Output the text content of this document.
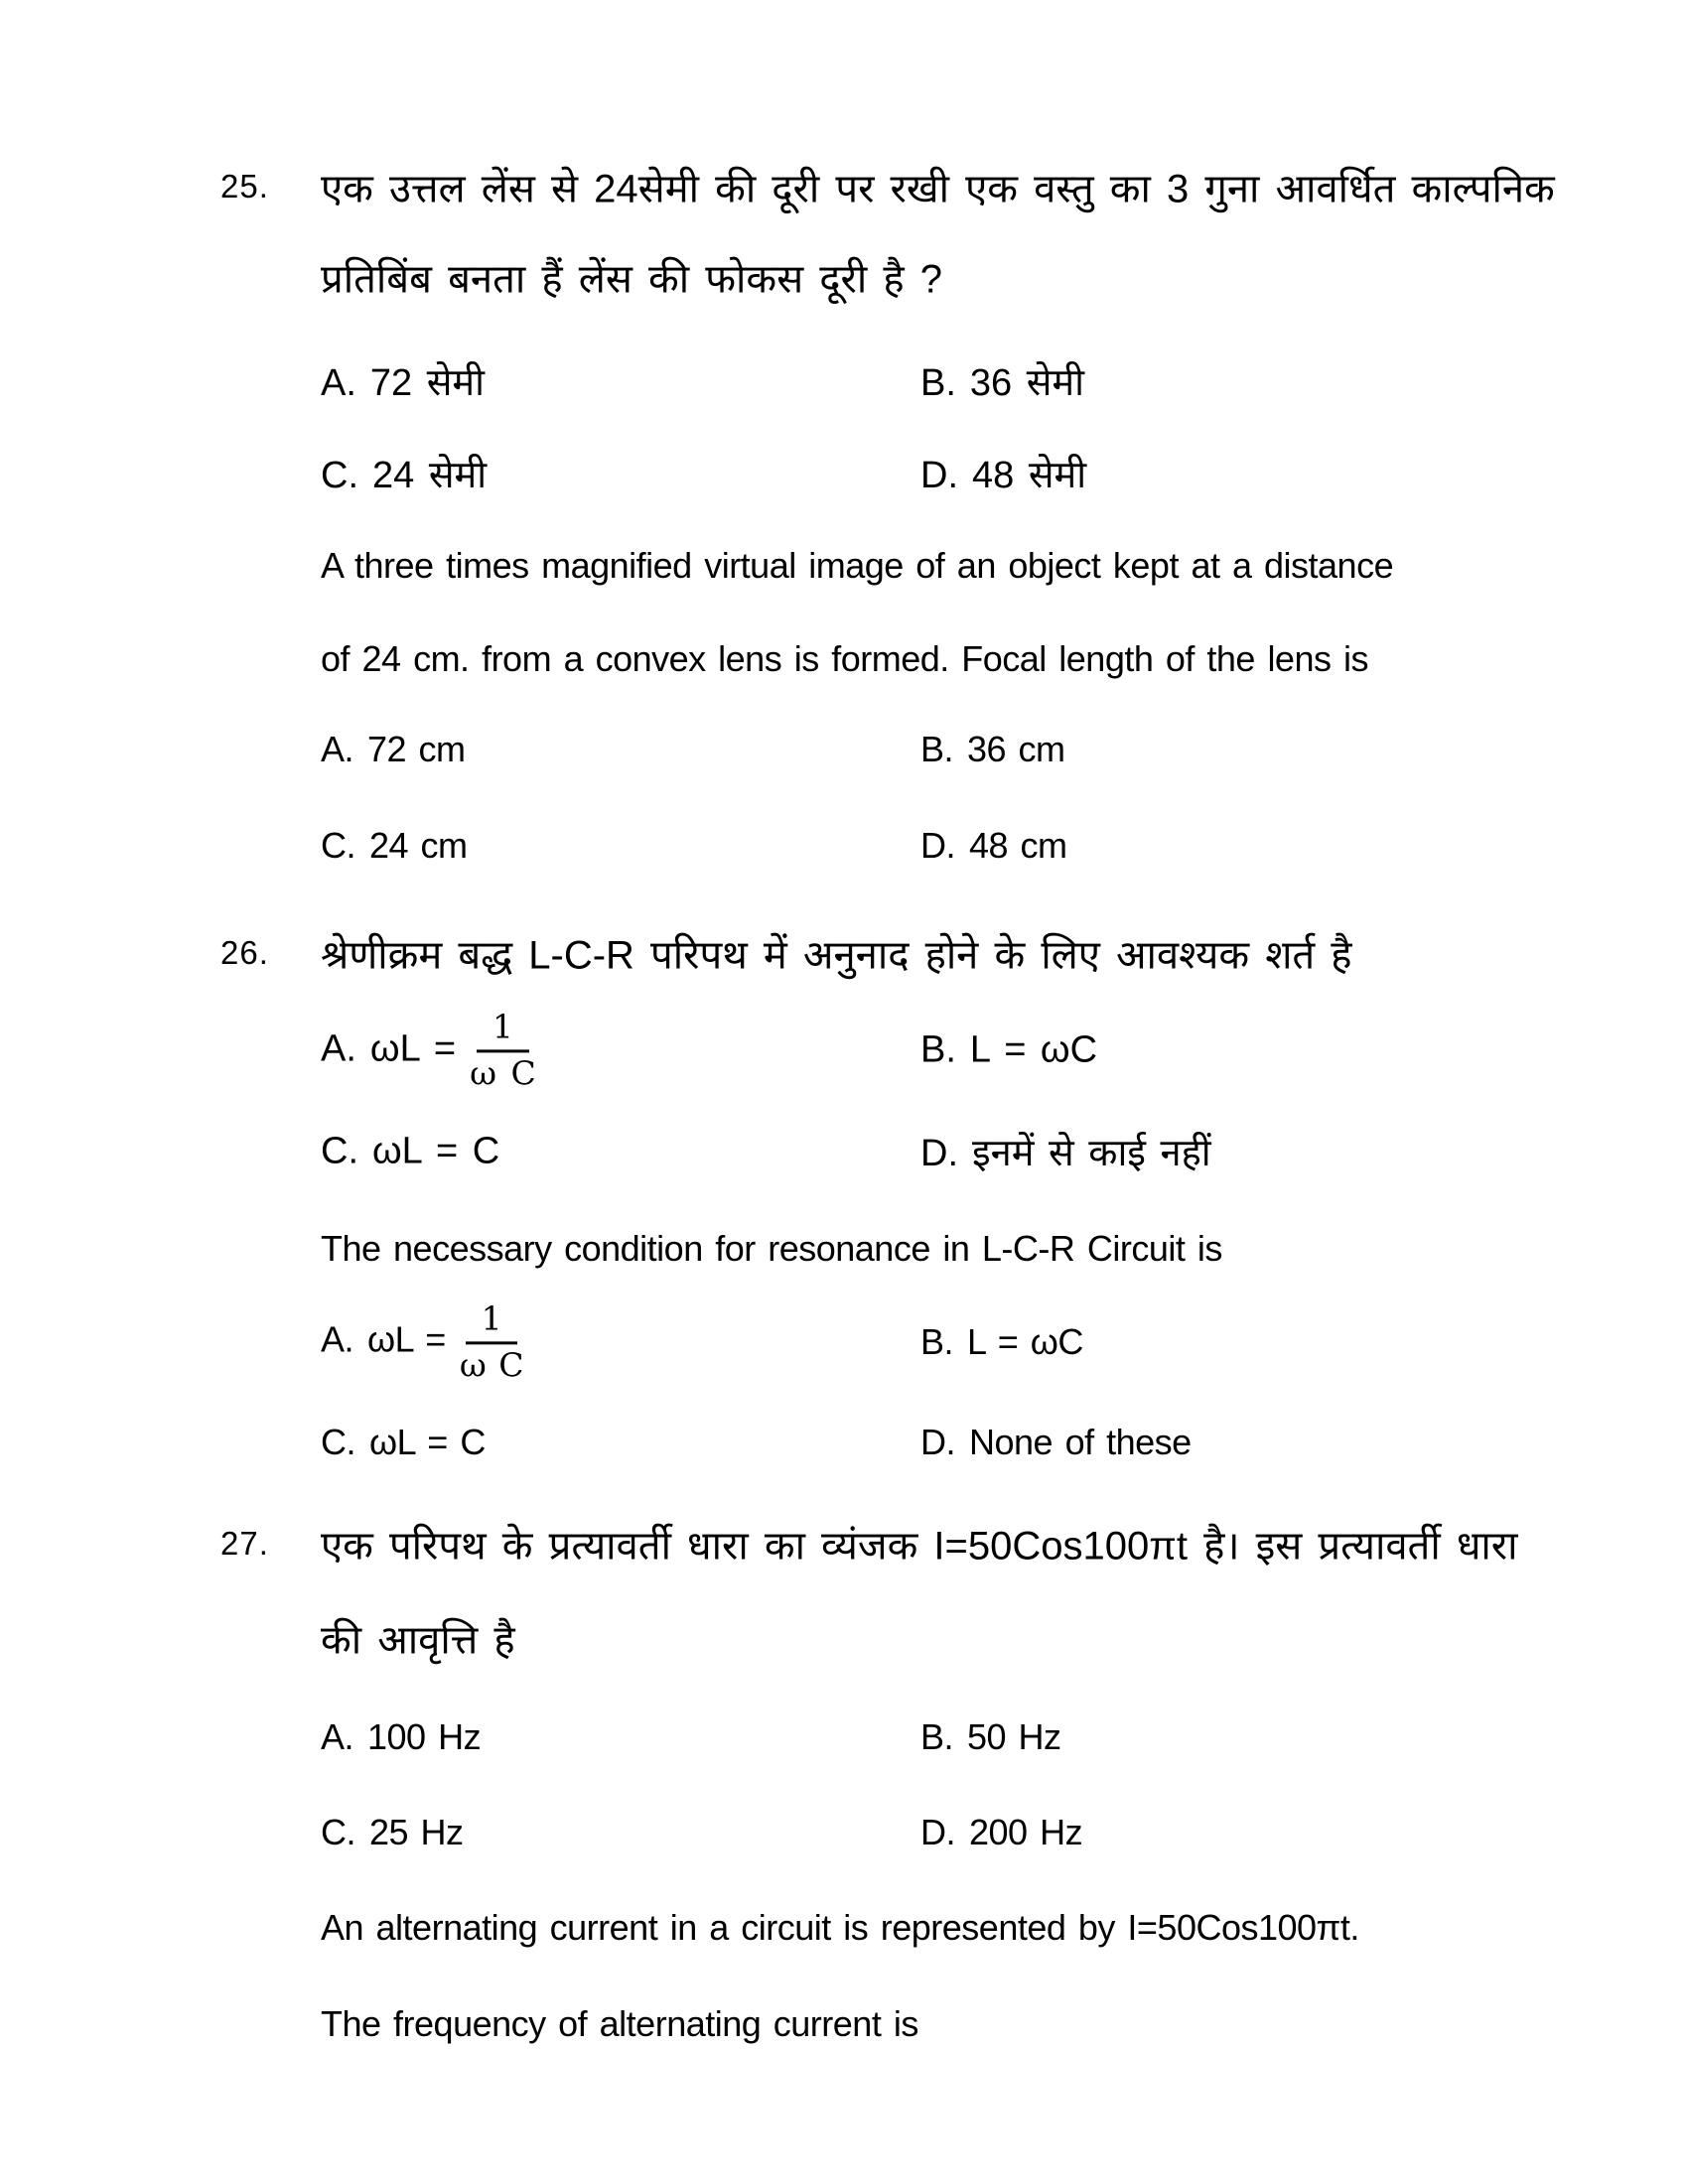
25. एक उत्तल लेंस से 24सेमी की दूरी पर रखी एक वस्तु का 3 गुना आवर्धित काल्पनिक
प्रतिबिंब बनता हैं लेंस की फोकस दूरी है ?
A. 72 सेमी	B. 36 सेमी
C. 24 सेमी	D. 48 सेमी
A three times magnified virtual image of an object kept at a distance
of 24 cm. from a convex lens is formed. Focal length of the lens is
A. 72 cm	B. 36 cm
C. 24 cm	D. 48 cm
26. श्रेणीक्रम बद्ध L-C-R परिपथ में अनुनाद होने के लिए आवश्यक शर्त है
A. $\omega L = \frac{1}{\text{ω C}}$	B. L = ωC
C. ωL = C	D. इनमें से काई नहीं
The necessary condition for resonance in L-C-R Circuit is
A. $\omega L = \frac{1}{\text{ω C}}$	B. L = ωC
C. ωL = C	D. None of these
27. एक परिपथ के प्रत्यावर्ती धारा का व्यंजक I=50Cos100πt है। इस प्रत्यावर्ती धारा
की आवृत्ति है
A. 100 Hz	B. 50 Hz
C. 25 Hz	D. 200 Hz
An alternating current in a circuit is represented by I=50Cos100πt.
The frequency of alternating current is
